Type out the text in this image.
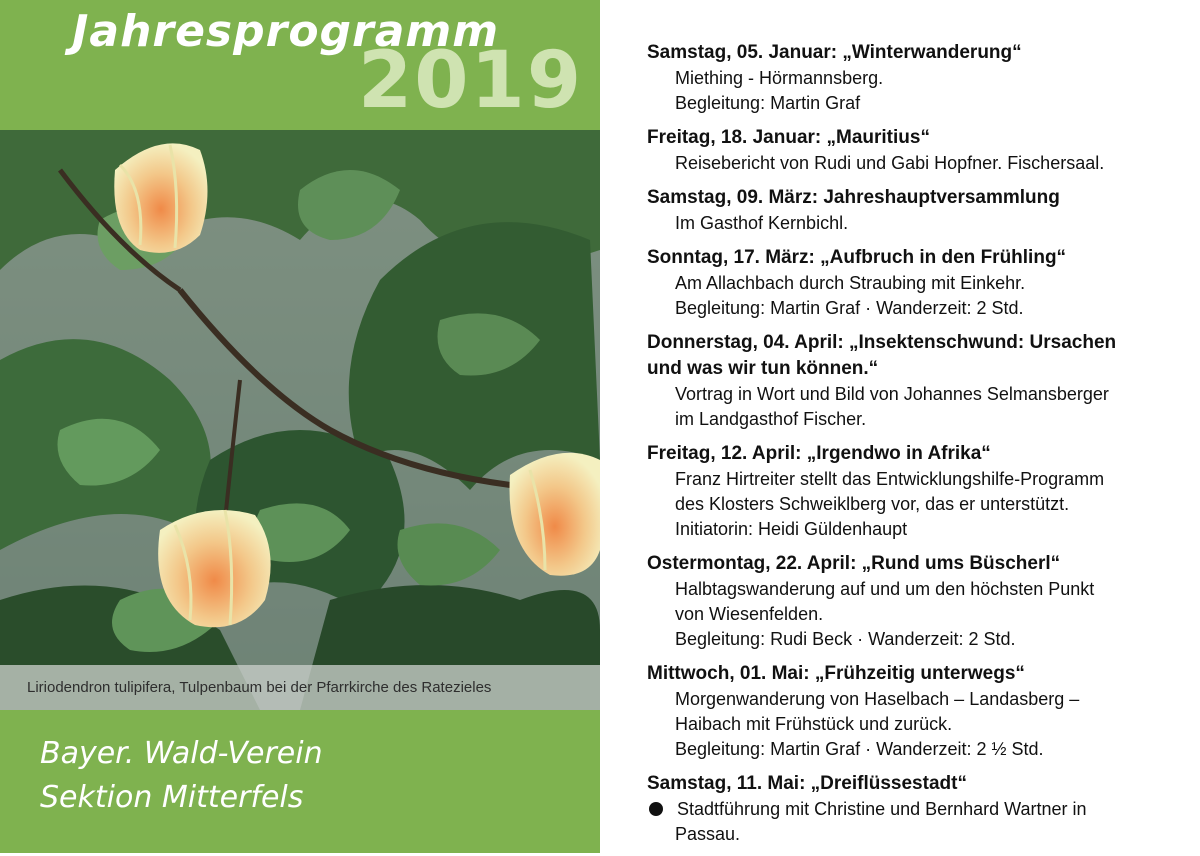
Jahresprogramm
2019
Liriodendron tulipifera, Tulpenbaum bei der Pfarrkirche des Ratezieles
Bayer. Wald-Verein
Sektion Mitterfels
Samstag, 05. Januar: „Winterwanderung“
Miething - Hörmannsberg.
Begleitung: Martin Graf
Freitag, 18. Januar: „Mauritius“
Reisebericht von Rudi und Gabi Hopfner. Fischersaal.
Samstag, 09. März: Jahreshauptversammlung
Im Gasthof Kernbichl.
Sonntag, 17. März: „Aufbruch in den Frühling“
Am Allachbach durch Straubing mit Einkehr.
Begleitung: Martin Graf · Wanderzeit: 2 Std.
Donnerstag, 04. April: „Insektenschwund: Ursachen
und was wir tun können.“
Vortrag in Wort und Bild von Johannes Selmansberger
im Landgasthof Fischer.
Freitag, 12. April: „Irgendwo in Afrika“
Franz Hirtreiter stellt das Entwicklungshilfe-Programm
des Klosters Schweiklberg vor, das er unterstützt.
Initiatorin: Heidi Güldenhaupt
Ostermontag, 22. April: „Rund ums Büscherl“
Halbtagswanderung auf und um den höchsten Punkt
von Wiesenfelden.
Begleitung: Rudi Beck · Wanderzeit: 2 Std.
Mittwoch, 01. Mai: „Frühzeitig unterwegs“
Morgenwanderung von Haselbach – Landasberg –
Haibach mit Frühstück und zurück.
Begleitung: Martin Graf · Wanderzeit: 2 ½ Std.
Samstag, 11. Mai: „Dreiflüssestadt“
Stadtführung mit Christine und Bernhard Wartner in
Passau.
